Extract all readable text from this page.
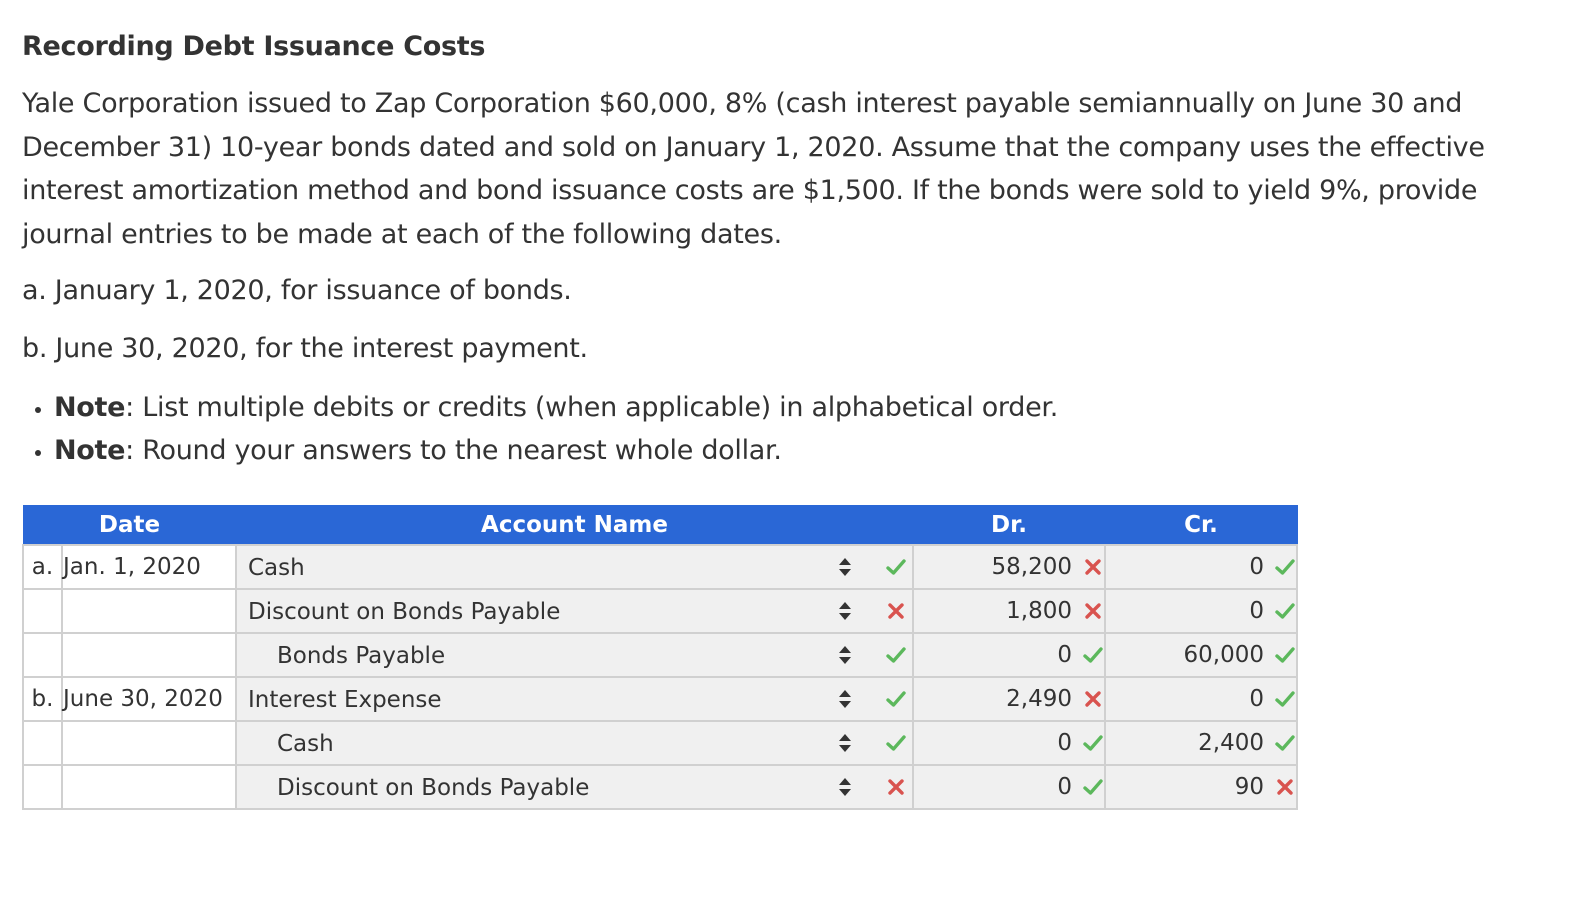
Recording Debt Issuance Costs
Yale Corporation issued to Zap Corporation $60,000, 8% (cash interest payable semiannually on June 30 and December 31) 10-year bonds dated and sold on January 1, 2020. Assume that the company uses the effective interest amortization method and bond issuance costs are $1,500. If the bonds were sold to yield 9%, provide journal entries to be made at each of the following dates.
a. January 1, 2020, for issuance of bonds.
b. June 30, 2020, for the interest payment.
• Note: List multiple debits or credits (when applicable) in alphabetical order.
• Note: Round your answers to the nearest whole dollar.
Date		Account Name	Dr.	Cr.
a.	Jan. 1, 2020	Cash	58,200	0

		Discount on Bonds Payable	1,800	0

		Bonds Payable	0	60,000
b.	June 30, 2020	Interest Expense	2,490	0

		Cash	0	2,400

		Discount on Bonds Payable	0	90
